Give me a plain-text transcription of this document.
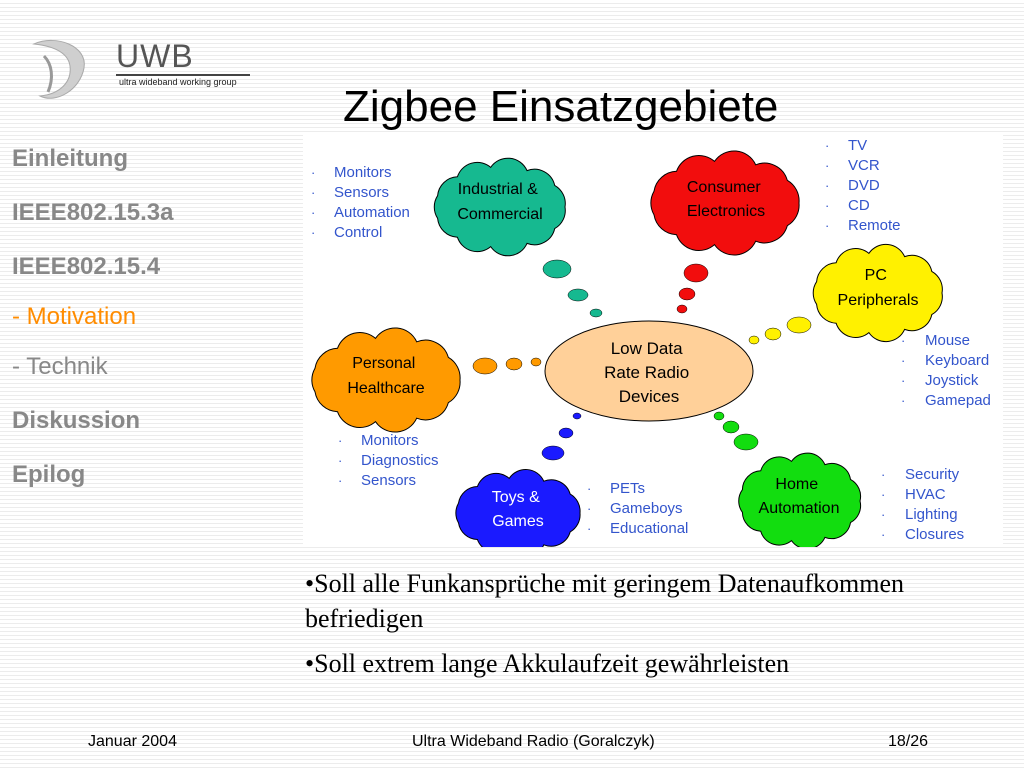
UWB
ultra wideband working group Zigbee Einsatzgebiete
Einleitung
IEEE802.15.3a
IEEE802.15.4
- Motivation
- Technik
Diskussion
Epilog
Low Data Rate Radio Devices
Industrial & Commercial
Consumer Electronics
PC Peripherals
Personal Healthcare
Toys & Games
Home Automation
Monitors Sensors Automation Control
TV VCR DVD CD Remote
Mouse Keyboard Joystick Gamepad
Monitors Diagnostics Sensors	PETs Gameboys Educational
Security HVAC Lighting Closures
·
·
·
·
·
·
·
·
·
·
·
·
·
·
·
·
·
·
·
·
·
·
·

•Soll alle Funkansprüche mit geringem Datenaufkommen befriedigen

•Soll extrem lange Akkulaufzeit gewährleisten

Januar 2004	Ultra Wideband Radio (Goralczyk)	18/26
